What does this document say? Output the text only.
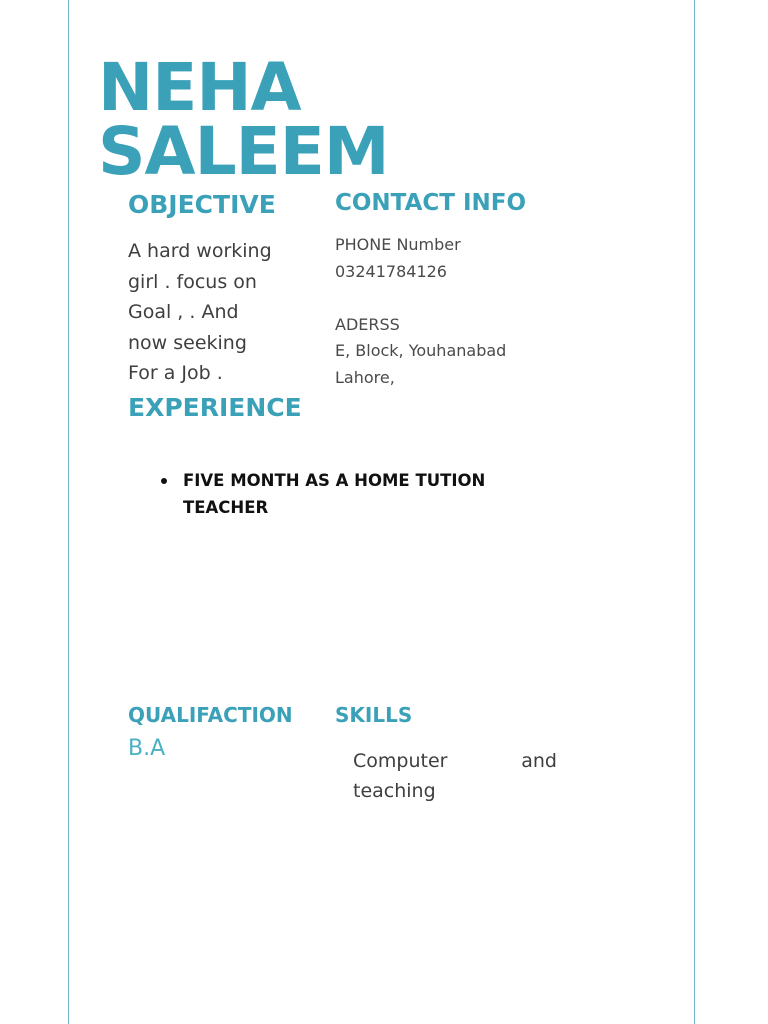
NEHA
SALEEM
OBJECTIVE
A hard working
girl . focus on
Goal , . And
now seeking
For a Job .
CONTACT INFO
PHONE Number
03241784126
ADERSS
E, Block, Youhanabad
Lahore,
EXPERIENCE
FIVE MONTH AS A HOME TUTION
TEACHER
QUALIFACTION
B.A
SKILLS
Computer	and
teaching
